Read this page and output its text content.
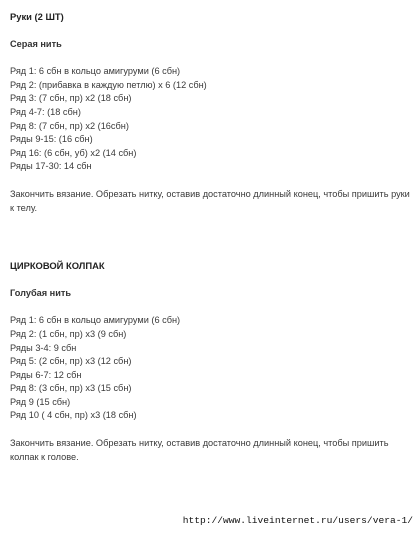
Руки (2 ШТ)

Серая нить

Ряд 1: 6 сбн в кольцо амигуруми (6 сбн)
Ряд 2: (прибавка в каждую петлю) х 6 (12 сбн)
Ряд 3: (7 сбн, пр) х2 (18 сбн)
Ряд 4-7: (18 сбн)
Ряд 8: (7 сбн, пр) х2 (16сбн)
Ряды 9-15: (16 сбн)
Ряд 16: (6 сбн, уб) х2 (14 сбн)
Ряды 17-30: 14 сбн

Закончить вязание. Обрезать нитку, оставив достаточно длинный конец, чтобы пришить руки к телу.

ЦИРКОВОЙ КОЛПАК

Голубая нить

Ряд 1: 6 сбн в кольцо амигуруми (6 сбн)
Ряд 2: (1 сбн, пр) х3 (9 сбн)
Ряды 3-4: 9 сбн
Ряд 5: (2 сбн, пр) х3 (12 сбн)
Ряды 6-7: 12 сбн
Ряд 8: (3 сбн, пр) х3 (15 сбн)
Ряд 9 (15 сбн)
Ряд 10 ( 4 сбн, пр) х3 (18 сбн)

Закончить вязание. Обрезать нитку, оставив достаточно длинный конец, чтобы пришить колпак к голове.

http://www.liveinternet.ru/users/vera-1/
